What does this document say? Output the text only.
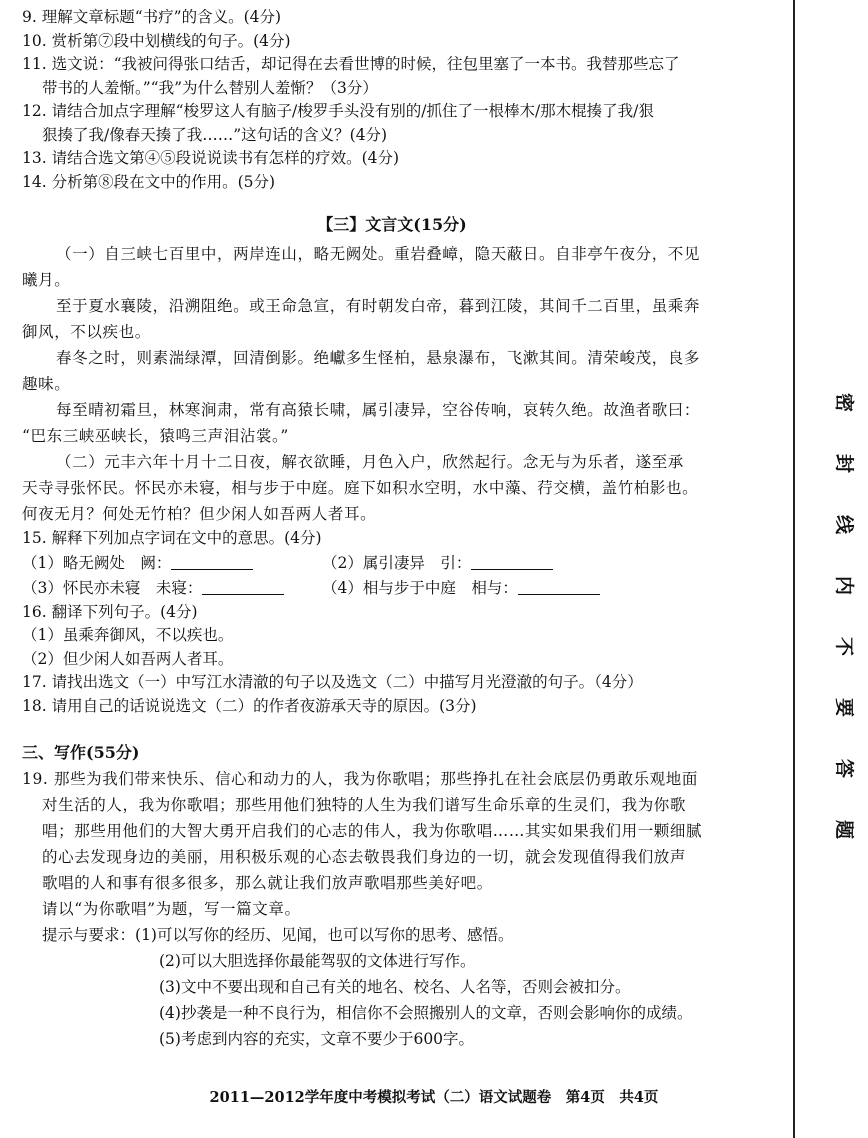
9. 理解文章标题“书疗”的含义。(4分)
10. 赏析第⑦段中划横线的句子。(4分)
11. 选文说：“我被问得张口结舌，却记得在去看世博的时候，往包里塞了一本书。我替那些忘了
带书的人羞惭。”“我”为什么替别人羞惭？（3分）
12. 请结合加点字理解“梭罗这人有脑子/梭罗手头没有别的/抓住了一根棒木/那木棍揍了我/狠
狠揍了我/像春天揍了我……”这句话的含义？(4分)
13. 请结合选文第④⑤段说说读书有怎样的疗效。(4分)
14. 分析第⑧段在文中的作用。(5分)
【三】文言文(15分)
（一）自三峡七百里中，两岸连山，略无阙处。重岩叠嶂，隐天蔽日。自非亭午夜分，不见
曦月。
至于夏水襄陵，沿溯阻绝。或王命急宣，有时朝发白帝，暮到江陵，其间千二百里，虽乘奔
御风，不以疾也。
春冬之时，则素湍绿潭，回清倒影。绝巘多生怪柏，悬泉瀑布，飞漱其间。清荣峻茂，良多
趣味。
每至晴初霜旦，林寒涧肃，常有高猿长啸，属引凄异，空谷传响，哀转久绝。故渔者歌曰：
“巴东三峡巫峡长，猿鸣三声泪沾裳。”
（二）元丰六年十月十二日夜，解衣欲睡，月色入户，欣然起行。念无与为乐者，遂至承
天寺寻张怀民。怀民亦未寝，相与步于中庭。庭下如积水空明，水中藻、荇交横，盖竹柏影也。
何夜无月？何处无竹柏？但少闲人如吾两人者耳。
15. 解释下列加点字词在文中的意思。(4分)
（1）略无阙处　阙：	（2）属引凄异　引：
（3）怀民亦未寝　未寝：	（4）相与步于中庭　相与：
16. 翻译下列句子。(4分)
（1）虽乘奔御风，不以疾也。
（2）但少闲人如吾两人者耳。
17. 请找出选文（一）中写江水清澈的句子以及选文（二）中描写月光澄澈的句子。（4分）
18. 请用自己的话说说选文（二）的作者夜游承天寺的原因。(3分)
三、写作(55分)
19. 那些为我们带来快乐、信心和动力的人，我为你歌唱；那些挣扎在社会底层仍勇敢乐观地面
对生活的人，我为你歌唱；那些用他们独特的人生为我们谱写生命乐章的生灵们，我为你歌
唱；那些用他们的大智大勇开启我们的心志的伟人，我为你歌唱……其实如果我们用一颗细腻
的心去发现身边的美丽，用积极乐观的心态去敬畏我们身边的一切，就会发现值得我们放声
歌唱的人和事有很多很多，那么就让我们放声歌唱那些美好吧。
请以“为你歌唱”为题，写一篇文章。
提示与要求： (1)可以写你的经历、见闻，也可以写你的思考、感悟。
(2)可以大胆选择你最能驾驭的文体进行写作。
(3)文中不要出现和自己有关的地名、校名、人名等，否则会被扣分。
(4)抄袭是一种不良行为，相信你不会照搬别人的文章，否则会影响你的成绩。
(5)考虑到内容的充实，文章不要少于600字。
2011—2012学年度中考模拟考试（二）语文试题卷　第4页　共4页
密
封
线
内
不
要
答
题
